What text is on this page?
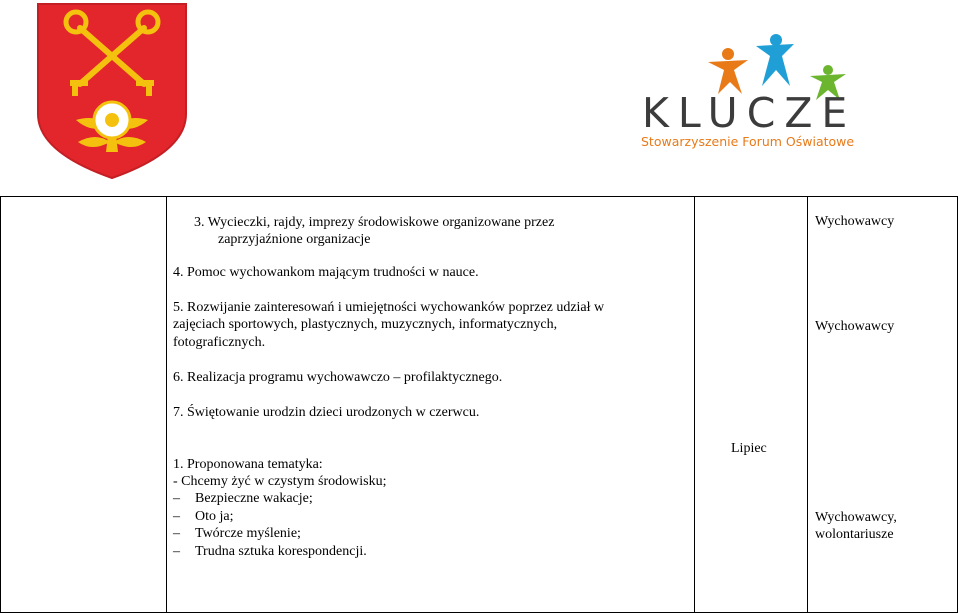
KLUCZE
Stowarzyszenie Forum Oświatowe
3. Wycieczki, rajdy, imprezy środowiskowe organizowane przez
zaprzyjaźnione organizacje
4. Pomoc wychowankom mającym trudności w nauce.
5. Rozwijanie zainteresowań i umiejętności wychowanków poprzez udział w
zajęciach sportowych, plastycznych, muzycznych, informatycznych,
fotograficznych.
6. Realizacja programu wychowawczo – profilaktycznego.
7. Świętowanie urodzin dzieci urodzonych w czerwcu.
Wychowawcy
Wychowawcy
Lipiec
1. Proponowana tematyka:
- Chcemy żyć w czystym środowisku;
– Bezpieczne wakacje;
– Oto ja;
– Twórcze myślenie;
– Trudna sztuka korespondencji.
Wychowawcy,
wolontariusze
